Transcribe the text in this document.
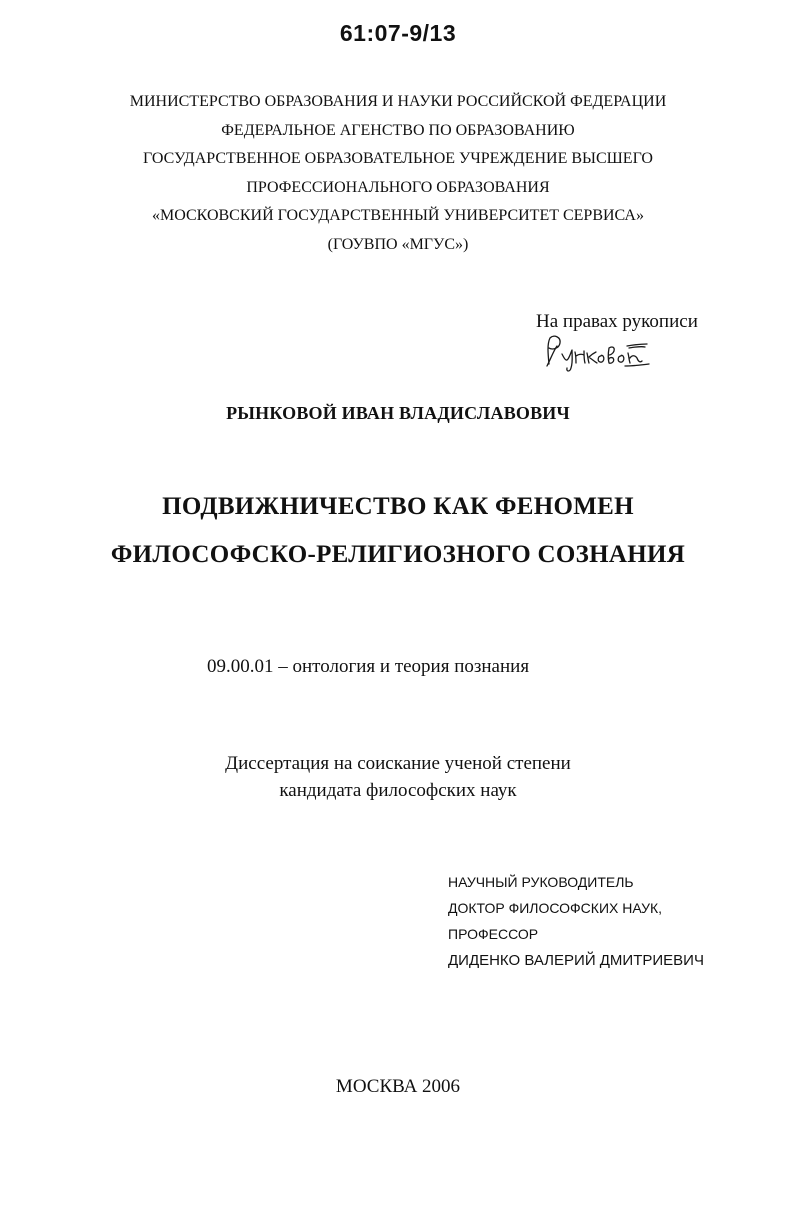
61:07-9/13
МИНИСТЕРСТВО ОБРАЗОВАНИЯ И НАУКИ РОССИЙСКОЙ ФЕДЕРАЦИИ
ФЕДЕРАЛЬНОЕ АГЕНСТВО ПО ОБРАЗОВАНИЮ
ГОСУДАРСТВЕННОЕ ОБРАЗОВАТЕЛЬНОЕ УЧРЕЖДЕНИЕ ВЫСШЕГО
ПРОФЕССИОНАЛЬНОГО ОБРАЗОВАНИЯ
«МОСКОВСКИЙ ГОСУДАРСТВЕННЫЙ УНИВЕРСИТЕТ СЕРВИСА»
(ГОУВПО «МГУС»)
На правах рукописи
РЫНКОВОЙ ИВАН ВЛАДИСЛАВОВИЧ
ПОДВИЖНИЧЕСТВО КАК ФЕНОМЕН
ФИЛОСОФСКО-РЕЛИГИОЗНОГО СОЗНАНИЯ
09.00.01 – онтология и теория познания
Диссертация на соискание ученой степени
кандидата философских наук
НАУЧНЫЙ РУКОВОДИТЕЛЬ
ДОКТОР ФИЛОСОФСКИХ НАУК,
ПРОФЕССОР
ДИДЕНКО ВАЛЕРИЙ ДМИТРИЕВИЧ
МОСКВА 2006
